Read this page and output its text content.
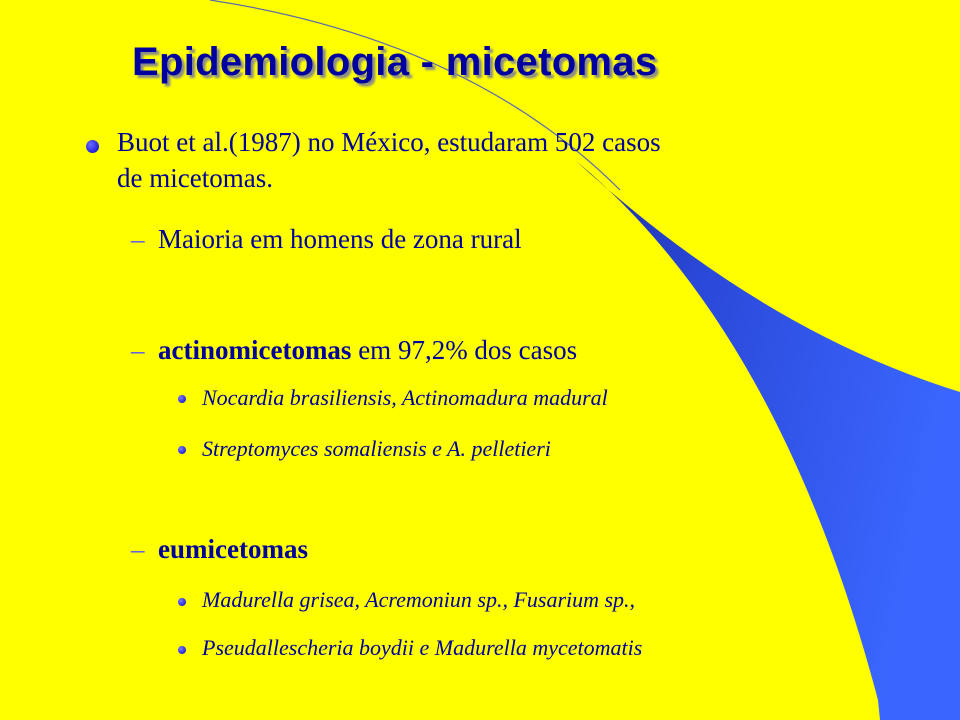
Epidemiologia - micetomas
Buot et al.(1987) no México, estudaram 502 casos
de micetomas.
– Maioria em homens de zona rural
– actinomicetomas em 97,2% dos casos
Nocardia brasiliensis, Actinomadura madural
Streptomyces somaliensis e A. pelletieri
– eumicetomas
Madurella grisea, Acremoniun sp., Fusarium sp.,
Pseudallescheria boydii e Madurella mycetomatis
